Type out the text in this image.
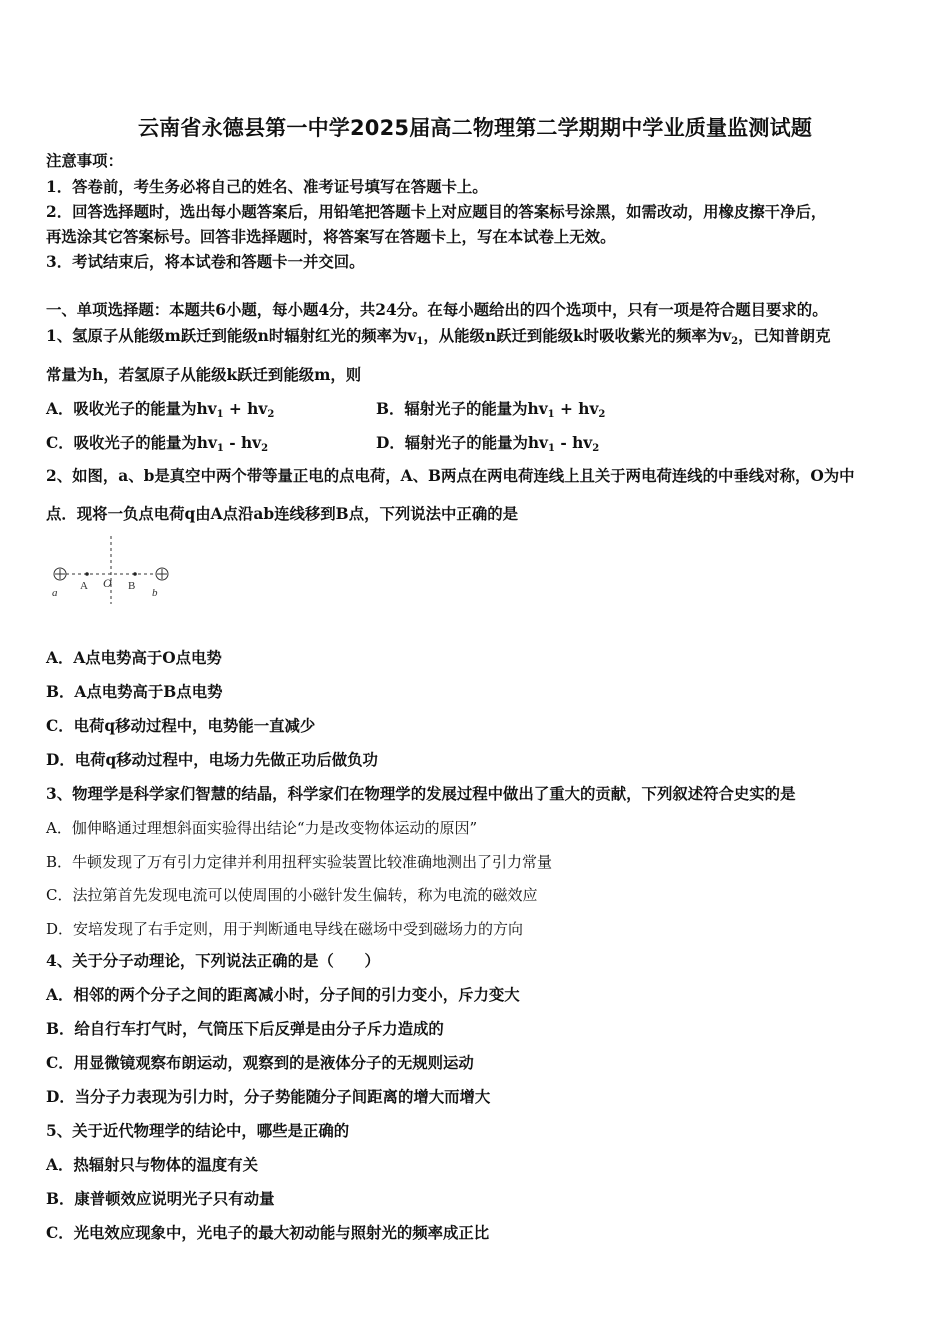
云南省永德县第一中学2025届高二物理第二学期期中学业质量监测试题
注意事项：
1．答卷前，考生务必将自己的姓名、准考证号填写在答题卡上。
2．回答选择题时，选出每小题答案后，用铅笔把答题卡上对应题目的答案标号涂黑，如需改动，用橡皮擦干净后，
再选涂其它答案标号。回答非选择题时，将答案写在答题卡上，写在本试卷上无效。
3．考试结束后，将本试卷和答题卡一并交回。
一、单项选择题：本题共6小题，每小题4分，共24分。在每小题给出的四个选项中，只有一项是符合题目要求的。
1、氢原子从能级m跃迁到能级n时辐射红光的频率为$v_1$，从能级n跃迁到能级k时吸收紫光的频率为$v_2$，已知普朗克
常量为h，若氢原子从能级k跃迁到能级m，则
A．吸收光子的能量为$hv_1 + hv_2$	B．辐射光子的能量为$hv_1 + hv_2$
C．吸收光子的能量为$hv_1 - hv_2$	D．辐射光子的能量为$hv_1 - hv_2$
2、如图，a、b是真空中两个带等量正电的点电荷，A、B两点在两电荷连线上且关于两电荷连线的中垂线对称，O为中
点．现将一负点电荷q由A点沿ab连线移到B点，下列说法中正确的是
a
A O B
b
A．A点电势高于O点电势
B．A点电势高于B点电势
C．电荷q移动过程中，电势能一直减少
D．电荷q移动过程中，电场力先做正功后做负功
3、物理学是科学家们智慧的结晶，科学家们在物理学的发展过程中做出了重大的贡献，下列叙述符合史实的是
A．伽伸略通过理想斜面实验得出结论“力是改变物体运动的原因”
B．牛顿发现了万有引力定律并利用扭秤实验装置比较准确地测出了引力常量
C．法拉第首先发现电流可以使周围的小磁针发生偏转，称为电流的磁效应
D．安培发现了右手定则，用于判断通电导线在磁场中受到磁场力的方向
4、关于分子动理论，下列说法正确的是（　　）
A．相邻的两个分子之间的距离减小时，分子间的引力变小，斥力变大
B．给自行车打气时，气筒压下后反弹是由分子斥力造成的
C．用显微镜观察布朗运动，观察到的是液体分子的无规则运动
D．当分子力表现为引力时，分子势能随分子间距离的增大而增大
5、关于近代物理学的结论中，哪些是正确的
A．热辐射只与物体的温度有关
B．康普顿效应说明光子只有动量
C．光电效应现象中，光电子的最大初动能与照射光的频率成正比
